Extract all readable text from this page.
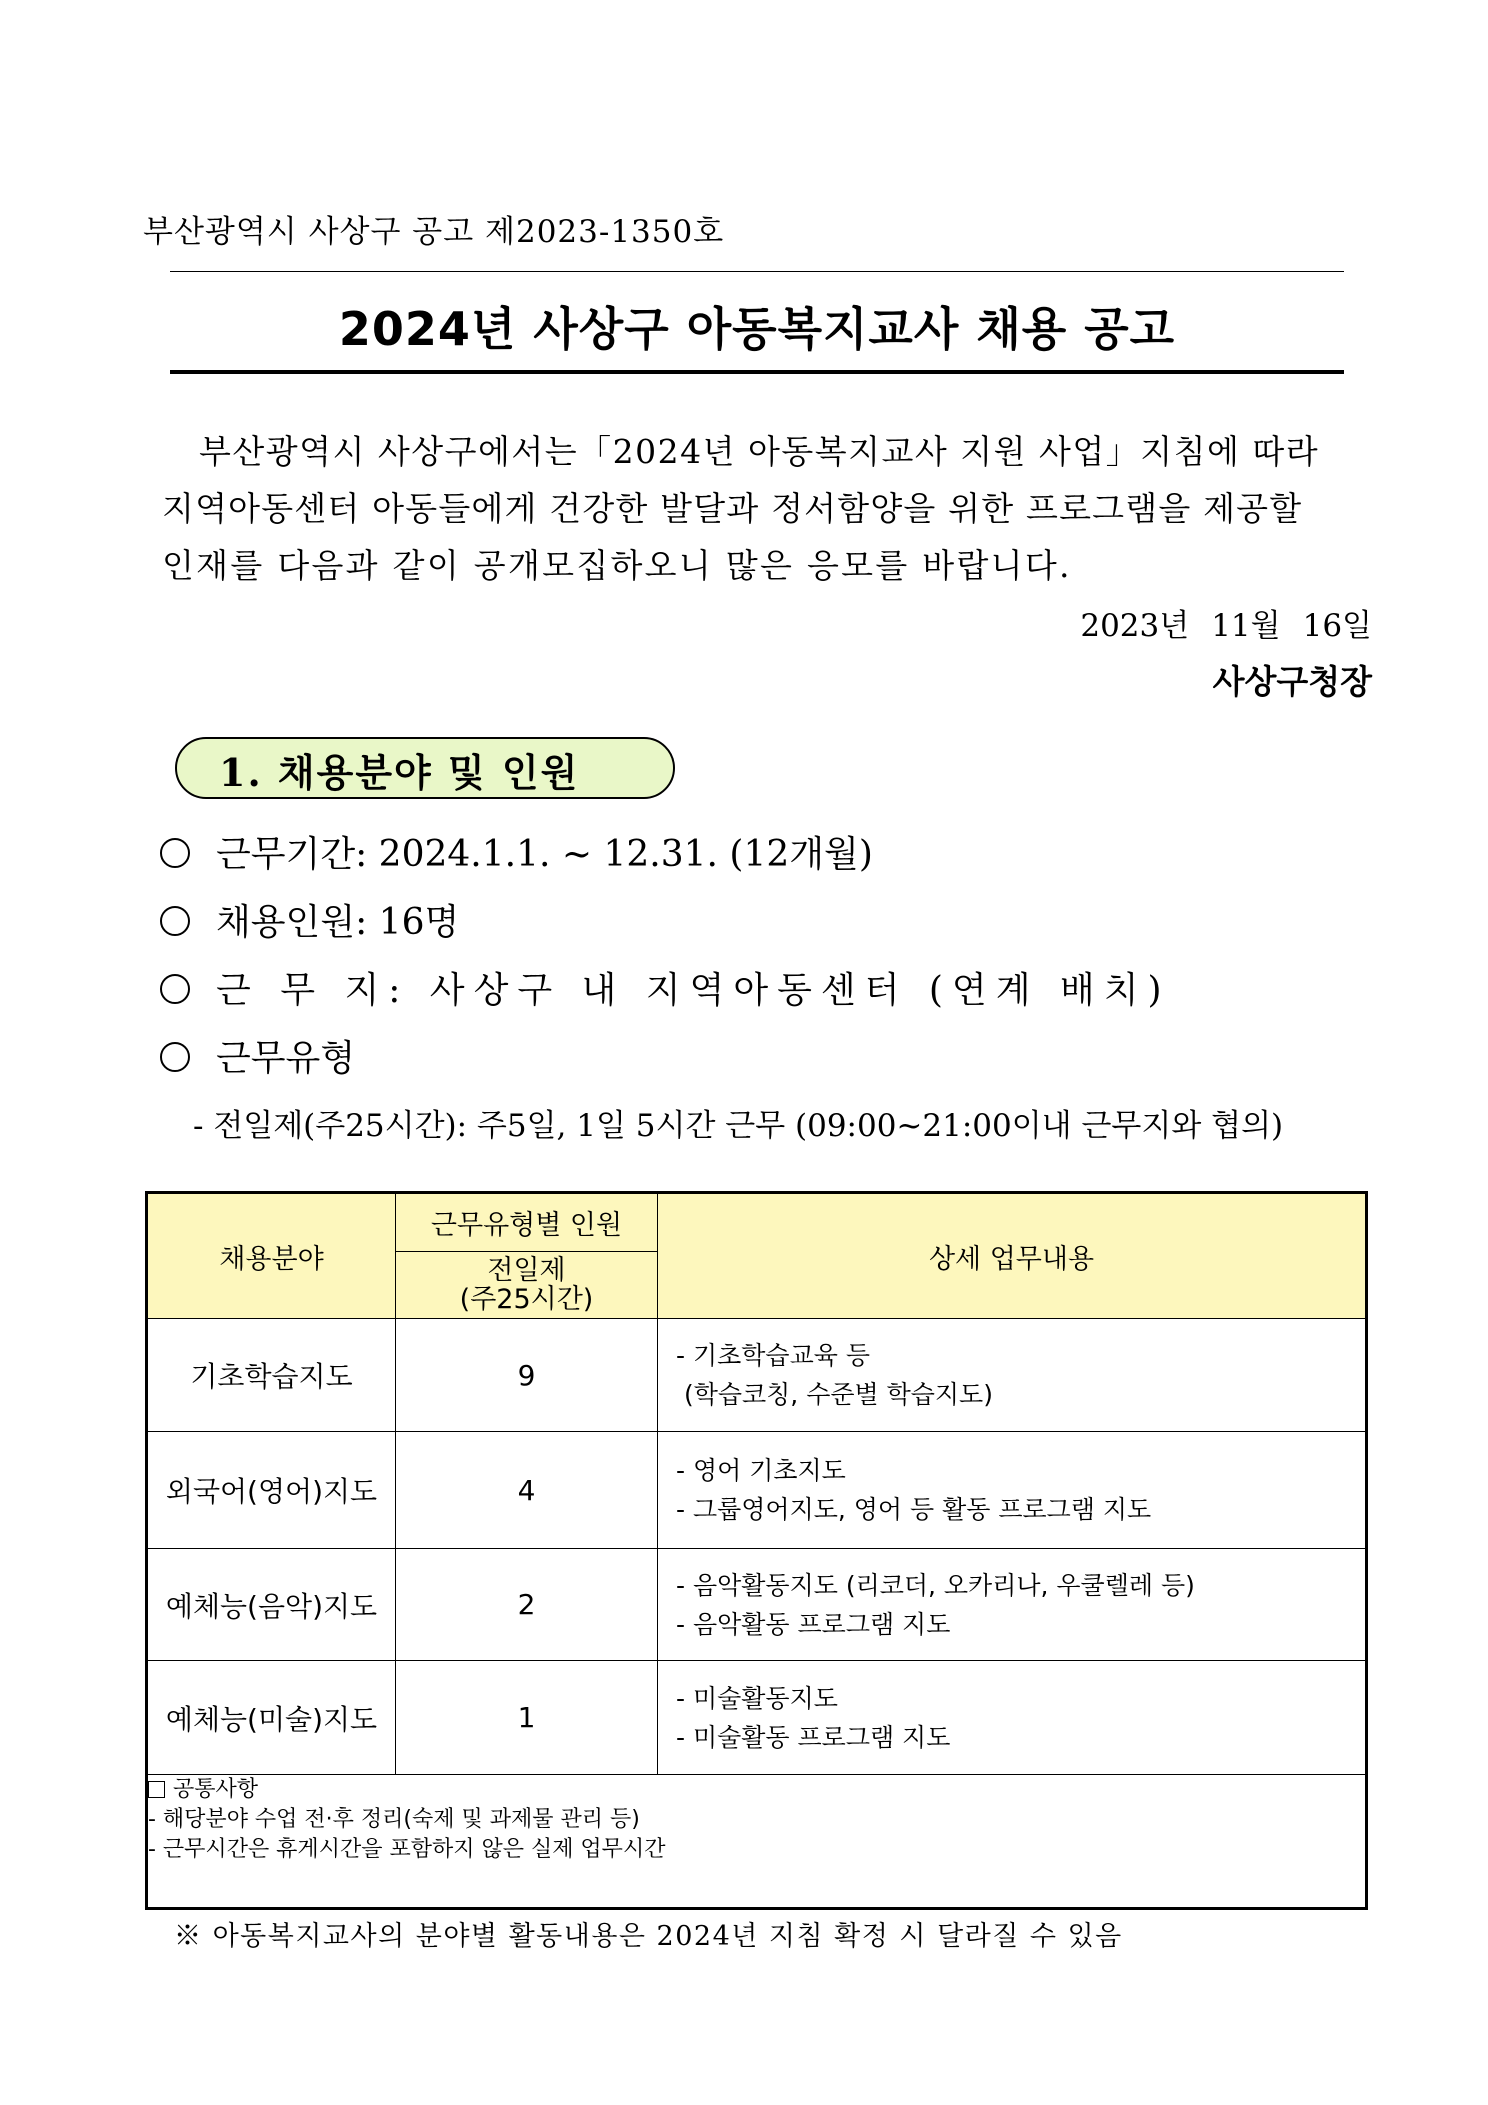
부산광역시 사상구 공고 제2023-1350호
2024년 사상구 아동복지교사 채용 공고

부산광역시 사상구에서는「2024년 아동복지교사 지원 사업」지침에 따라

지역아동센터 아동들에게 건강한 발달과 정서함양을 위한 프로그램을 제공할

인재를 다음과 같이 공개모집하오니 많은 응모를 바랍니다.

2023년 11월 16일
사상구청장
1. 채용분야 및 인원
근무기간: 2024.1.1. ~ 12.31. (12개월)
채용인원: 16명
근 무 지: 사상구 내 지역아동센터 (연계 배치)
근무유형
- 전일제(주25시간): 주5일, 1일 5시간 근무 (09:00~21:00이내 근무지와 협의)
채용분야	근무유형별 인원	상세 업무내용
	전일제
(주25시간)	
기초학습지도	9	- 기초학습교육 등
(학습코칭, 수준별 학습지도)

외국어(영어)지도	4	- 영어 기초지도
- 그룹영어지도, 영어 등 활동 프로그램 지도

예체능(음악)지도	2	- 음악활동지도 (리코더, 오카리나, 우쿨렐레 등)
- 음악활동 프로그램 지도

예체능(미술)지도	1	- 미술활동지도
- 미술활동 프로그램 지도

공통사항
- 해당분야 수업 전·후 정리(숙제 및 과제물 관리 등)
- 근무시간은 휴게시간을 포함하지 않은 실제 업무시간		
※ 아동복지교사의 분야별 활동내용은 2024년 지침 확정 시 달라질 수 있음
